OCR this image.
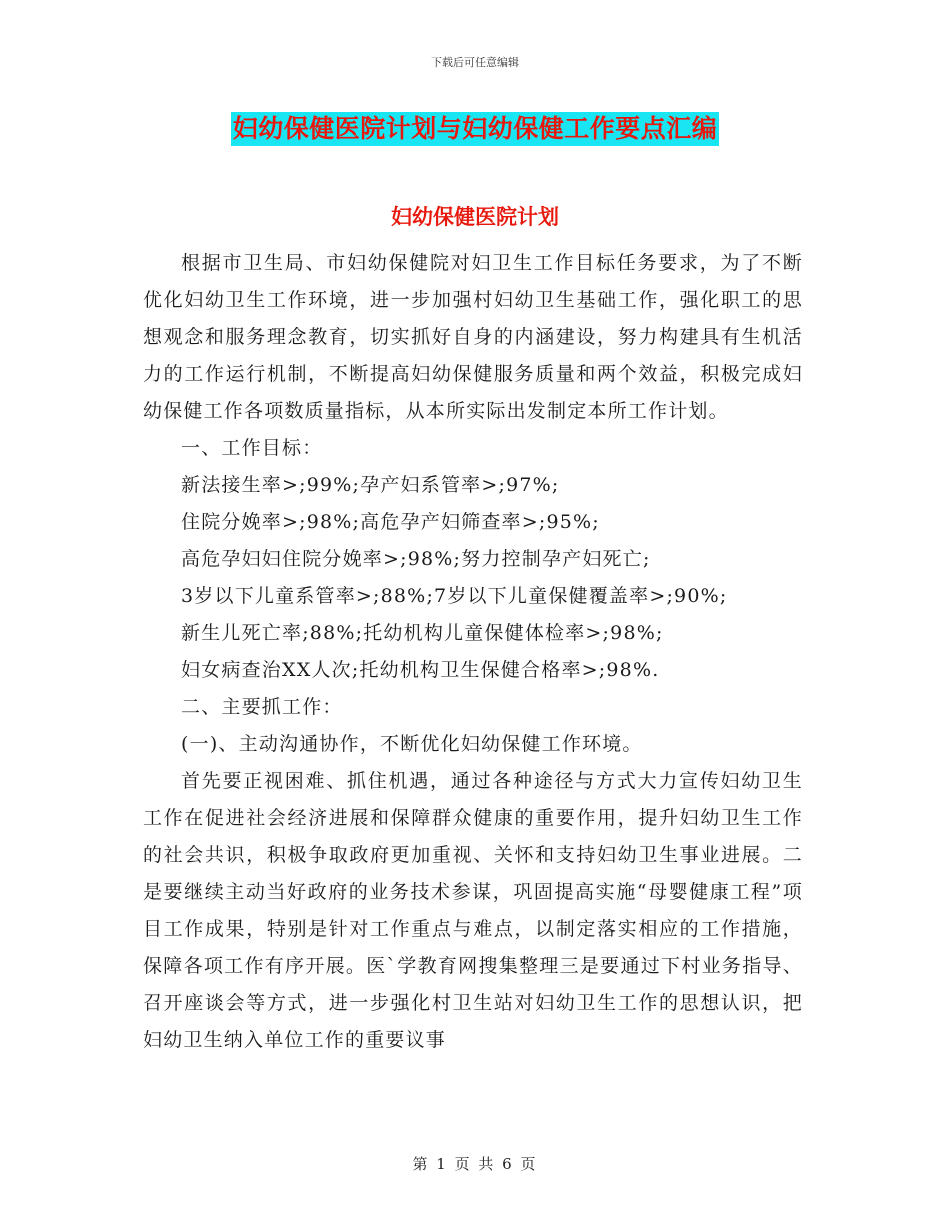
下载后可任意编辑
妇幼保健医院计划与妇幼保健工作要点汇编
妇幼保健医院计划

根据市卫生局、市妇幼保健院对妇卫生工作目标任务要求，为了不断优化妇幼卫生工作环境，进一步加强村妇幼卫生基础工作，强化职工的思想观念和服务理念教育，切实抓好自身的内涵建设，努力构建具有生机活力的工作运行机制，不断提高妇幼保健服务质量和两个效益，积极完成妇幼保健工作各项数质量指标，从本所实际出发制定本所工作计划。

一、工作目标：

新法接生率>;99%;孕产妇系管率>;97%;

住院分娩率>;98%;高危孕产妇筛查率>;95%;

高危孕妇妇住院分娩率>;98%;努力控制孕产妇死亡;

3岁以下儿童系管率>;88%;7岁以下儿童保健覆盖率>;90%;

新生儿死亡率;88%;托幼机构儿童保健体检率>;98%;

妇女病查治XX人次;托幼机构卫生保健合格率>;98%.

二、主要抓工作：

(一)、主动沟通协作，不断优化妇幼保健工作环境。

首先要正视困难、抓住机遇，通过各种途径与方式大力宣传妇幼卫生工作在促进社会经济进展和保障群众健康的重要作用，提升妇幼卫生工作的社会共识，积极争取政府更加重视、关怀和支持妇幼卫生事业进展。二是要继续主动当好政府的业务技术参谋，巩固提高实施“母婴健康工程”项目工作成果，特别是针对工作重点与难点，以制定落实相应的工作措施，保障各项工作有序开展。医`学教育网搜集整理三是要通过下村业务指导、召开座谈会等方式，进一步强化村卫生站对妇幼卫生工作的思想认识，把妇幼卫生纳入单位工作的重要议事

第 1 页 共 6 页
